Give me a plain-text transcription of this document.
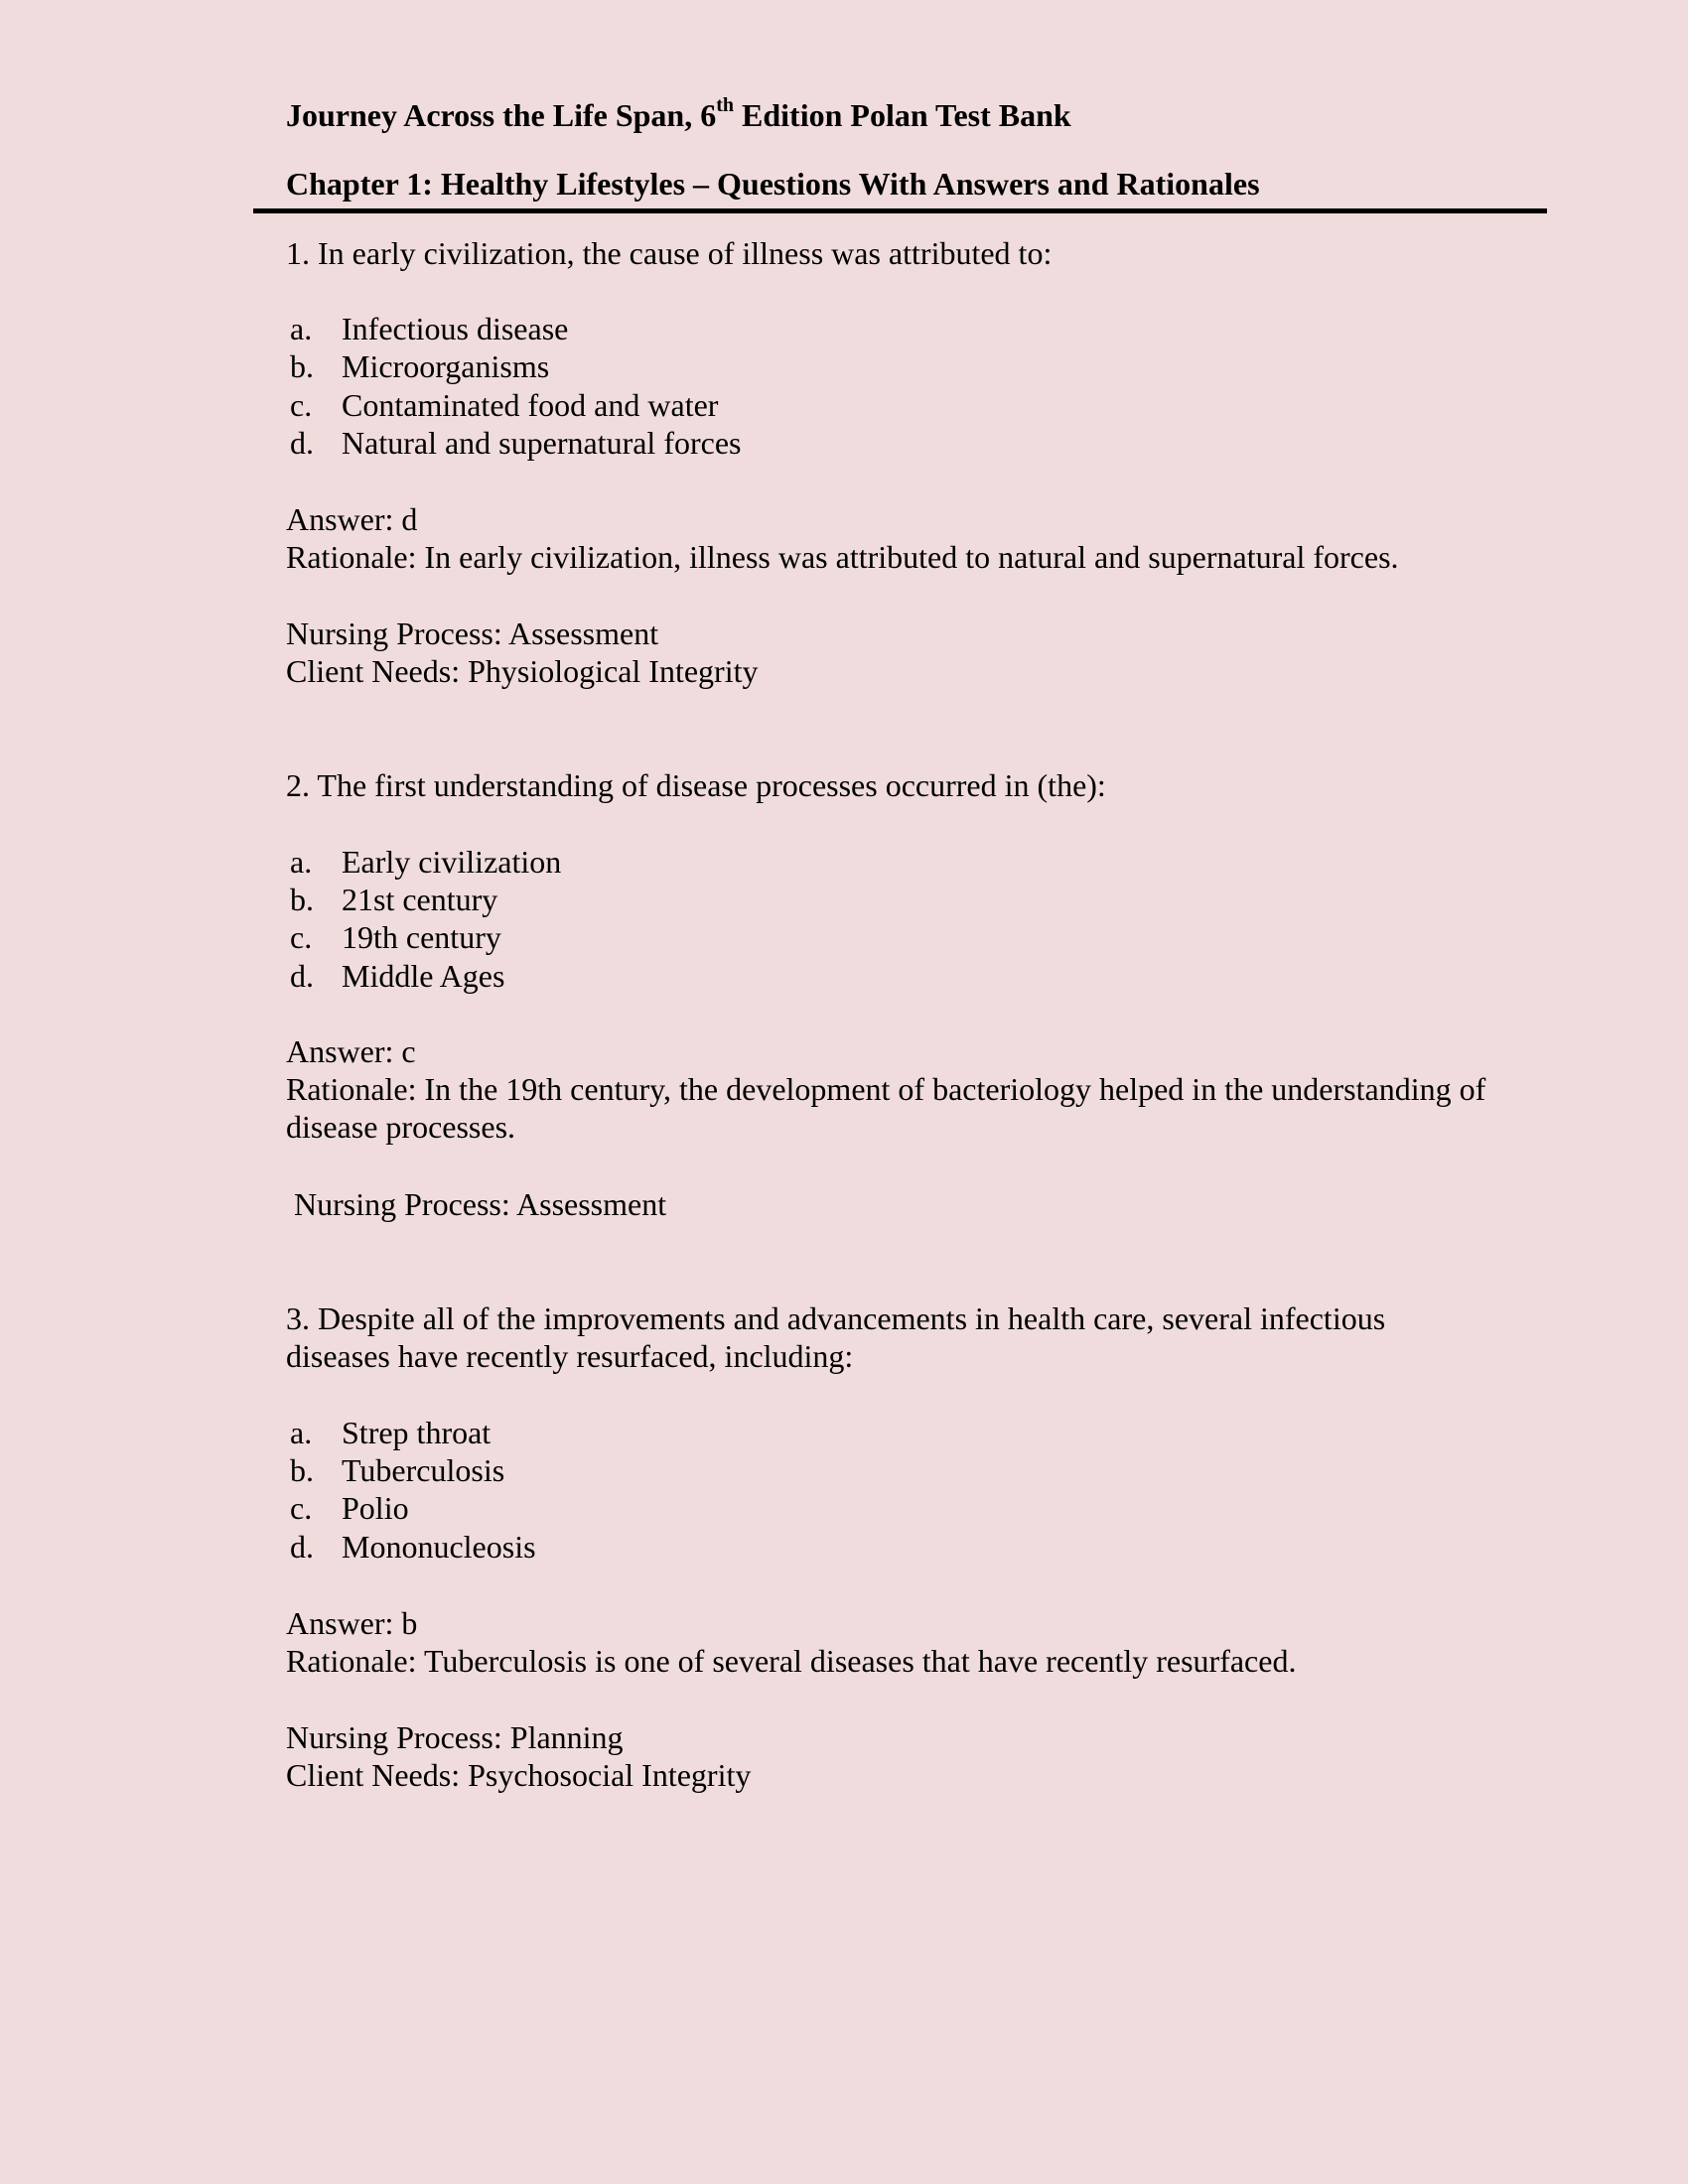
Journey Across the Life Span, 6th Edition Polan Test Bank
Chapter 1: Healthy Lifestyles – Questions With Answers and Rationales
1. In early civilization, the cause of illness was attributed to:
a. Infectious disease
b. Microorganisms
c. Contaminated food and water
d. Natural and supernatural forces
Answer: d
Rationale: In early civilization, illness was attributed to natural and supernatural forces.
Nursing Process: Assessment
Client Needs: Physiological Integrity
2. The first understanding of disease processes occurred in (the):
a. Early civilization
b. 21st century
c. 19th century
d. Middle Ages
Answer: c
Rationale: In the 19th century, the development of bacteriology helped in the understanding of
disease processes.
Nursing Process: Assessment
3. Despite all of the improvements and advancements in health care, several infectious
diseases have recently resurfaced, including:
a. Strep throat
b. Tuberculosis
c. Polio
d. Mononucleosis
Answer: b
Rationale: Tuberculosis is one of several diseases that have recently resurfaced.
Nursing Process: Planning
Client Needs: Psychosocial Integrity
